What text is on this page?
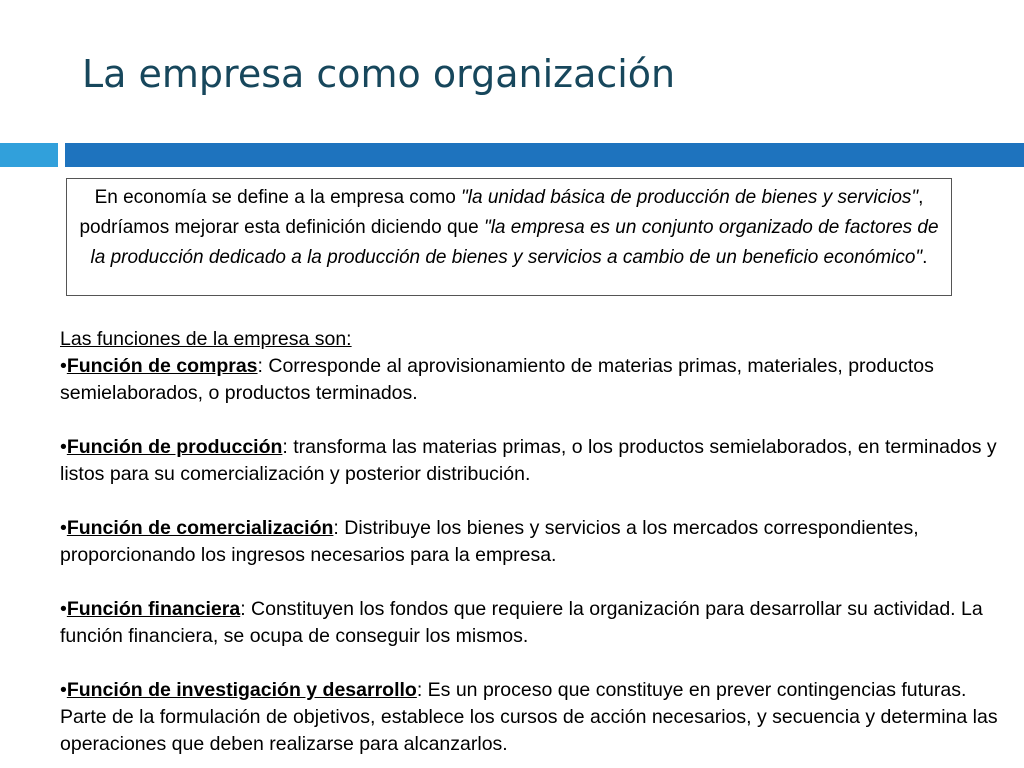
La empresa como organización
En economía se define a la empresa como "la unidad básica de producción de bienes y servicios", podríamos mejorar esta definición diciendo que "la empresa es un conjunto organizado de factores de la producción dedicado a la producción de bienes y servicios a cambio de un beneficio económico".

Las funciones de la empresa son:

•Función de compras: Corresponde al aprovisionamiento de materias primas, materiales, productos semielaborados, o productos terminados.

•Función de producción: transforma las materias primas, o los productos semielaborados, en terminados y listos para su comercialización y posterior distribución.

•Función de comercialización: Distribuye los bienes y servicios a los mercados correspondientes, proporcionando los ingresos necesarios para la empresa.

•Función financiera: Constituyen los fondos que requiere la organización para desarrollar su actividad. La función financiera, se ocupa de conseguir los mismos.

•Función de investigación y desarrollo: Es un proceso que constituye en prever contingencias futuras. Parte de la formulación de objetivos, establece los cursos de acción necesarios, y secuencia y determina las operaciones que deben realizarse para alcanzarlos.
